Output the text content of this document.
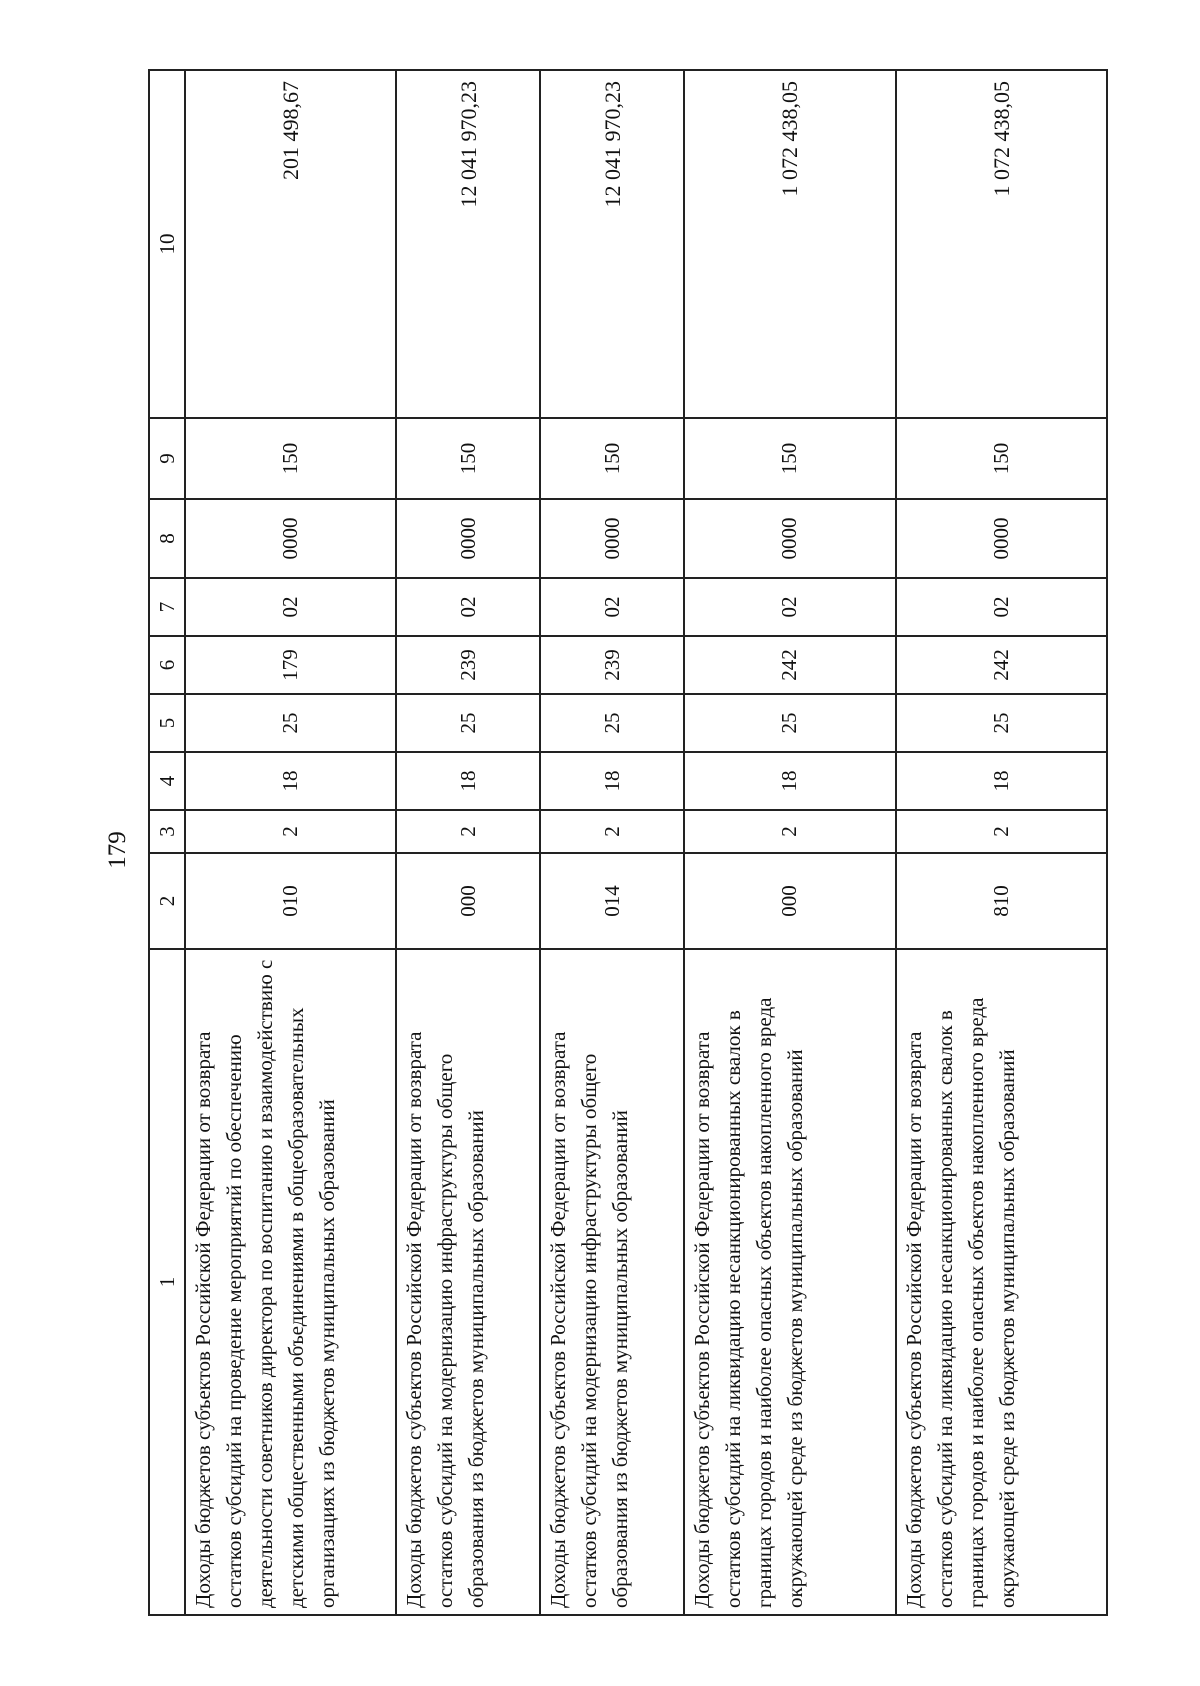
179
1	2	3	4	5	6	7	8	9	10
Доходы бюджетов субъектов Российской Федерации от возврата остатков субсидий на проведение мероприятий по обеспечению деятельности советников директора по воспитанию и взаимодействию с детскими общественными объединениями в общеобразовательных организациях из бюджетов муниципальных образований	010	2	18	25	179	02	0000	150	201 498,67
Доходы бюджетов субъектов Российской Федерации от возврата остатков субсидий на модернизацию инфраструктуры общего образования из бюджетов муниципальных образований	000	2	18	25	239	02	0000	150	12 041 970,23
Доходы бюджетов субъектов Российской Федерации от возврата остатков субсидий на модернизацию инфраструктуры общего образования из бюджетов муниципальных образований	014	2	18	25	239	02	0000	150	12 041 970,23
Доходы бюджетов субъектов Российской Федерации от возврата остатков субсидий на ликвидацию несанкционированных свалок в границах городов и наиболее опасных объектов накопленного вреда окружающей среде из бюджетов муниципальных образований	000	2	18	25	242	02	0000	150	1 072 438,05
Доходы бюджетов субъектов Российской Федерации от возврата остатков субсидий на ликвидацию несанкционированных свалок в границах городов и наиболее опасных объектов накопленного вреда окружающей среде из бюджетов муниципальных образований	810	2	18	25	242	02	0000	150	1 072 438,05
